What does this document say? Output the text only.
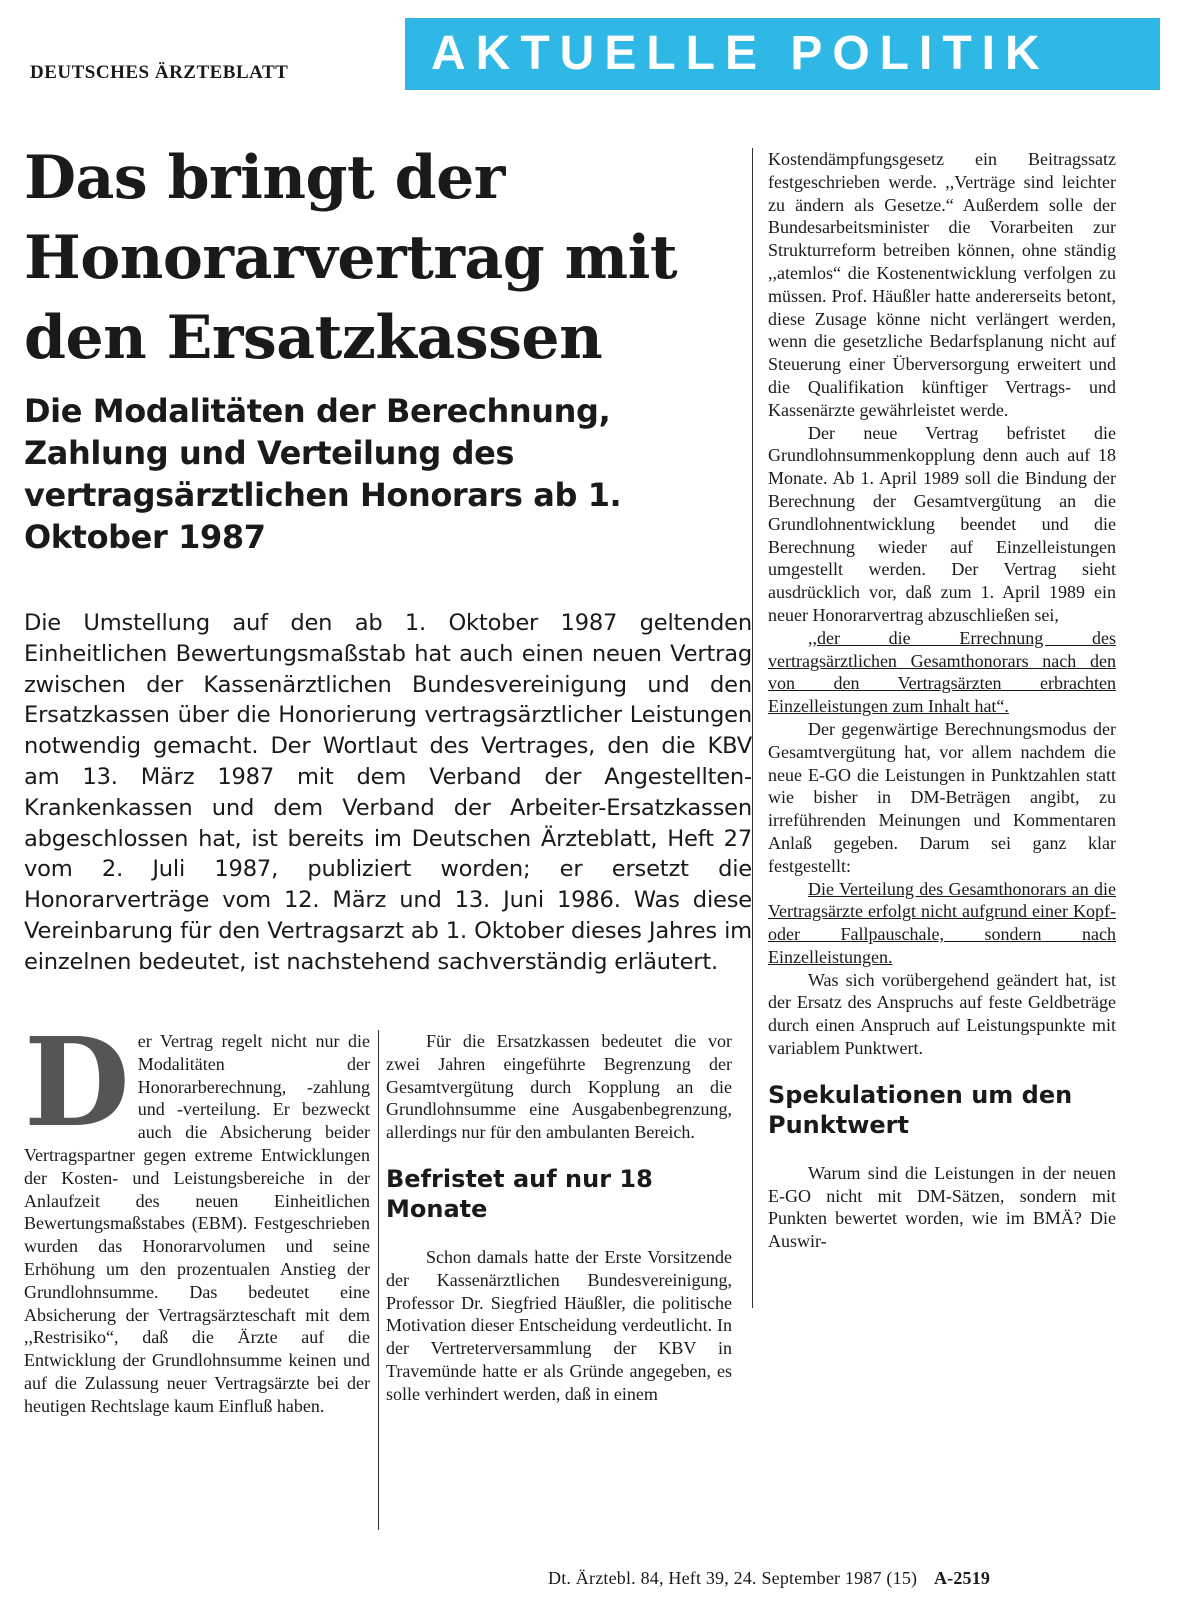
DEUTSCHES ÄRZTEBLATT	AKTUELLE POLITIK
Das bringt der Honorarvertrag mit den Ersatzkassen
Die Modalitäten der Berechnung, Zahlung und Verteilung des vertragsärztlichen Honorars ab 1. Oktober 1987

Die Umstellung auf den ab 1. Oktober 1987 geltenden Einheitlichen Bewertungsmaßstab hat auch einen neuen Vertrag zwischen der Kassenärztlichen Bundesvereinigung und den Ersatzkassen über die Honorierung vertragsärztlicher Leistungen notwendig gemacht. Der Wortlaut des Vertrages, den die KBV am 13. März 1987 mit dem Verband der Angestellten-Krankenkassen und dem Verband der Arbeiter-Ersatzkassen abgeschlossen hat, ist bereits im Deutschen Ärzteblatt, Heft 27 vom 2. Juli 1987, publiziert worden; er ersetzt die Honorarverträge vom 12. März und 13. Juni 1986. Was diese Vereinbarung für den Vertragsarzt ab 1. Oktober dieses Jahres im einzelnen bedeutet, ist nachstehend sachverständig erläutert.

D er Vertrag regelt nicht nur die Modalitäten der Honorarberechnung, -zahlung und -verteilung. Er bezweckt auch die Absicherung beider Vertragspartner gegen extreme Entwicklungen der Kosten- und Leistungsbereiche in der Anlaufzeit des neuen Einheitlichen Bewertungsmaßstabes (EBM). Festgeschrieben wurden das Honorarvolumen und seine Erhöhung um den prozentualen Anstieg der Grundlohnsumme. Das bedeutet eine Absicherung der Vertragsärzteschaft mit dem ,,Restrisiko“, daß die Ärzte auf die Entwicklung der Grundlohnsumme keinen und auf die Zulassung neuer Vertragsärzte bei der heutigen Rechtslage kaum Einfluß haben.

Für die Ersatzkassen bedeutet die vor zwei Jahren eingeführte Begrenzung der Gesamtvergütung durch Kopplung an die Grundlohnsumme eine Ausgabenbegrenzung, allerdings nur für den ambulanten Bereich.

Befristet auf nur 18 Monate

Schon damals hatte der Erste Vorsitzende der Kassenärztlichen Bundesvereinigung, Professor Dr. Siegfried Häußler, die politische Motivation dieser Entscheidung verdeutlicht. In der Vertreterversammlung der KBV in Travemünde hatte er als Gründe angegeben, es solle verhindert werden, daß in einem

Kostendämpfungsgesetz ein Beitragssatz festgeschrieben werde. ,,Verträge sind leichter zu ändern als Gesetze.“ Außerdem solle der Bundesarbeitsminister die Vorarbeiten zur Strukturreform betreiben können, ohne ständig ,,atemlos“ die Kostenentwicklung verfolgen zu müssen. Prof. Häußler hatte andererseits betont, diese Zusage könne nicht verlängert werden, wenn die gesetzliche Bedarfsplanung nicht auf Steuerung einer Überversorgung erweitert und die Qualifikation künftiger Vertrags- und Kassenärzte gewährleistet werde.

Der neue Vertrag befristet die Grundlohnsummenkopplung denn auch auf 18 Monate. Ab 1. April 1989 soll die Bindung der Berechnung der Gesamtvergütung an die Grundlohnentwicklung beendet und die Berechnung wieder auf Einzelleistungen umgestellt werden. Der Vertrag sieht ausdrücklich vor, daß zum 1. April 1989 ein neuer Honorarvertrag abzuschließen sei,

,,der die Errechnung des vertragsärztlichen Gesamthonorars nach den von den Vertragsärzten erbrachten Einzelleistungen zum Inhalt hat“.

Der gegenwärtige Berechnungsmodus der Gesamtvergütung hat, vor allem nachdem die neue E-GO die Leistungen in Punktzahlen statt wie bisher in DM-Beträgen angibt, zu irreführenden Meinungen und Kommentaren Anlaß gegeben. Darum sei ganz klar festgestellt:

Die Verteilung des Gesamthonorars an die Vertragsärzte erfolgt nicht aufgrund einer Kopf- oder Fallpauschale, sondern nach Einzelleistungen.

Was sich vorübergehend geändert hat, ist der Ersatz des Anspruchs auf feste Geldbeträge durch einen Anspruch auf Leistungspunkte mit variablem Punktwert.

Spekulationen um den Punktwert

Warum sind die Leistungen in der neuen E-GO nicht mit DM-Sätzen, sondern mit Punkten bewertet worden, wie im BMÄ? Die Auswir-

Dt. Ärztebl. 84, Heft 39, 24. September 1987 (15) A-2519
